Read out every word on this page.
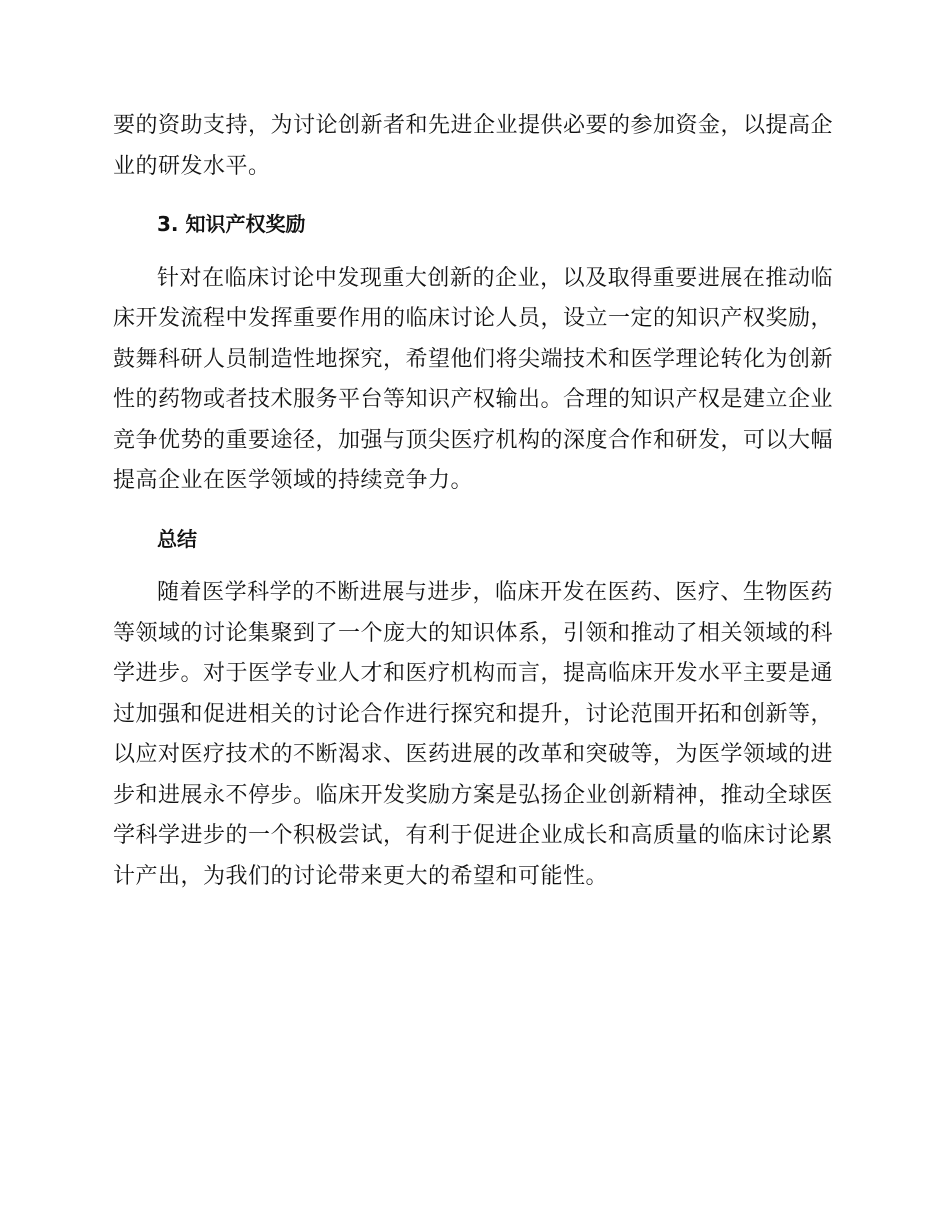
要的资助支持，为讨论创新者和先进企业提供必要的参加资金，以提高企业的研发水平。

3. 知识产权奖励

针对在临床讨论中发现重大创新的企业，以及取得重要进展在推动临床开发流程中发挥重要作用的临床讨论人员，设立一定的知识产权奖励，鼓舞科研人员制造性地探究，希望他们将尖端技术和医学理论转化为创新性的药物或者技术服务平台等知识产权输出。合理的知识产权是建立企业竞争优势的重要途径，加强与顶尖医疗机构的深度合作和研发，可以大幅提高企业在医学领域的持续竞争力。

总结

随着医学科学的不断进展与进步，临床开发在医药、医疗、生物医药等领域的讨论集聚到了一个庞大的知识体系，引领和推动了相关领域的科学进步。对于医学专业人才和医疗机构而言，提高临床开发水平主要是通过加强和促进相关的讨论合作进行探究和提升，讨论范围开拓和创新等，以应对医疗技术的不断渴求、医药进展的改革和突破等，为医学领域的进步和进展永不停步。临床开发奖励方案是弘扬企业创新精神，推动全球医学科学进步的一个积极尝试，有利于促进企业成长和高质量的临床讨论累计产出，为我们的讨论带来更大的希望和可能性。
